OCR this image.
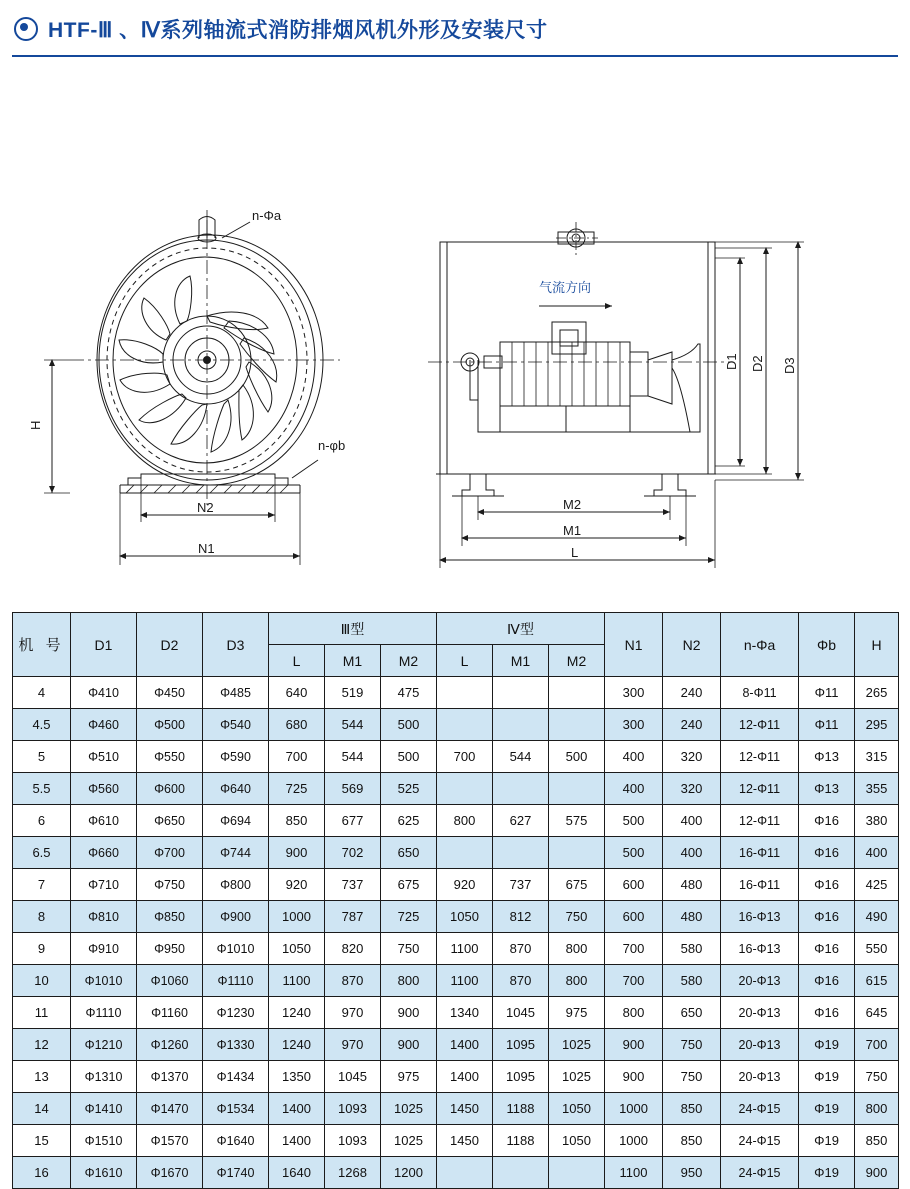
HTF-Ⅲ 、Ⅳ系列轴流式消防排烟风机外形及安装尺寸
n-Φa
n-φb
H
N2
N1
气流方向
D1 D2 D3
M2
M1
L
机 号	D1	D2	D3	Ⅲ型			Ⅳ型			N1	N2	n-Φa	Φb	H
				L	M1	M2	L	M1	M2					
4	Φ410	Φ450	Φ485	640	519	475				300	240	8-Φ11	Φ11	265
4.5	Φ460	Φ500	Φ540	680	544	500				300	240	12-Φ11	Φ11	295
5	Φ510	Φ550	Φ590	700	544	500	700	544	500	400	320	12-Φ11	Φ13	315
5.5	Φ560	Φ600	Φ640	725	569	525				400	320	12-Φ11	Φ13	355
6	Φ610	Φ650	Φ694	850	677	625	800	627	575	500	400	12-Φ11	Φ16	380
6.5	Φ660	Φ700	Φ744	900	702	650				500	400	16-Φ11	Φ16	400
7	Φ710	Φ750	Φ800	920	737	675	920	737	675	600	480	16-Φ11	Φ16	425
8	Φ810	Φ850	Φ900	1000	787	725	1050	812	750	600	480	16-Φ13	Φ16	490
9	Φ910	Φ950	Φ1010	1050	820	750	1100	870	800	700	580	16-Φ13	Φ16	550
10	Φ1010	Φ1060	Φ1110	1100	870	800	1100	870	800	700	580	20-Φ13	Φ16	615
11	Φ1110	Φ1160	Φ1230	1240	970	900	1340	1045	975	800	650	20-Φ13	Φ16	645
12	Φ1210	Φ1260	Φ1330	1240	970	900	1400	1095	1025	900	750	20-Φ13	Φ19	700
13	Φ1310	Φ1370	Φ1434	1350	1045	975	1400	1095	1025	900	750	20-Φ13	Φ19	750
14	Φ1410	Φ1470	Φ1534	1400	1093	1025	1450	1188	1050	1000	850	24-Φ15	Φ19	800
15	Φ1510	Φ1570	Φ1640	1400	1093	1025	1450	1188	1050	1000	850	24-Φ15	Φ19	850
16	Φ1610	Φ1670	Φ1740	1640	1268	1200				1100	950	24-Φ15	Φ19	900
